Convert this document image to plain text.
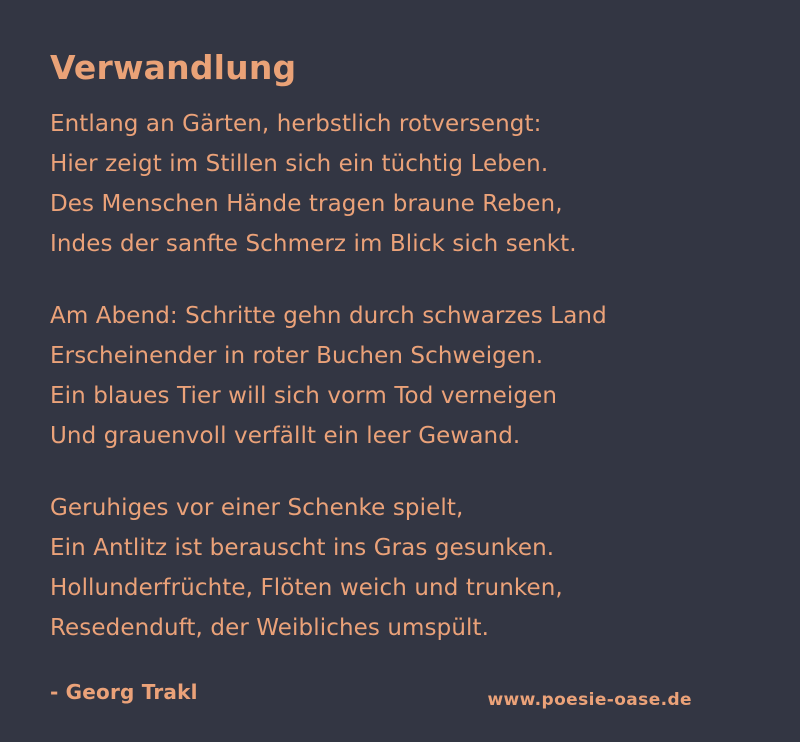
Verwandlung
Entlang an Gärten, herbstlich rotversengt:
Hier zeigt im Stillen sich ein tüchtig Leben.
Des Menschen Hände tragen braune Reben,
Indes der sanfte Schmerz im Blick sich senkt.
Am Abend: Schritte gehn durch schwarzes Land
Erscheinender in roter Buchen Schweigen.
Ein blaues Tier will sich vorm Tod verneigen
Und grauenvoll verfällt ein leer Gewand.
Geruhiges vor einer Schenke spielt,
Ein Antlitz ist berauscht ins Gras gesunken.
Hollunderfrüchte, Flöten weich und trunken,
Resedenduft, der Weibliches umspült.
- Georg Trakl	www.poesie-oase.de
